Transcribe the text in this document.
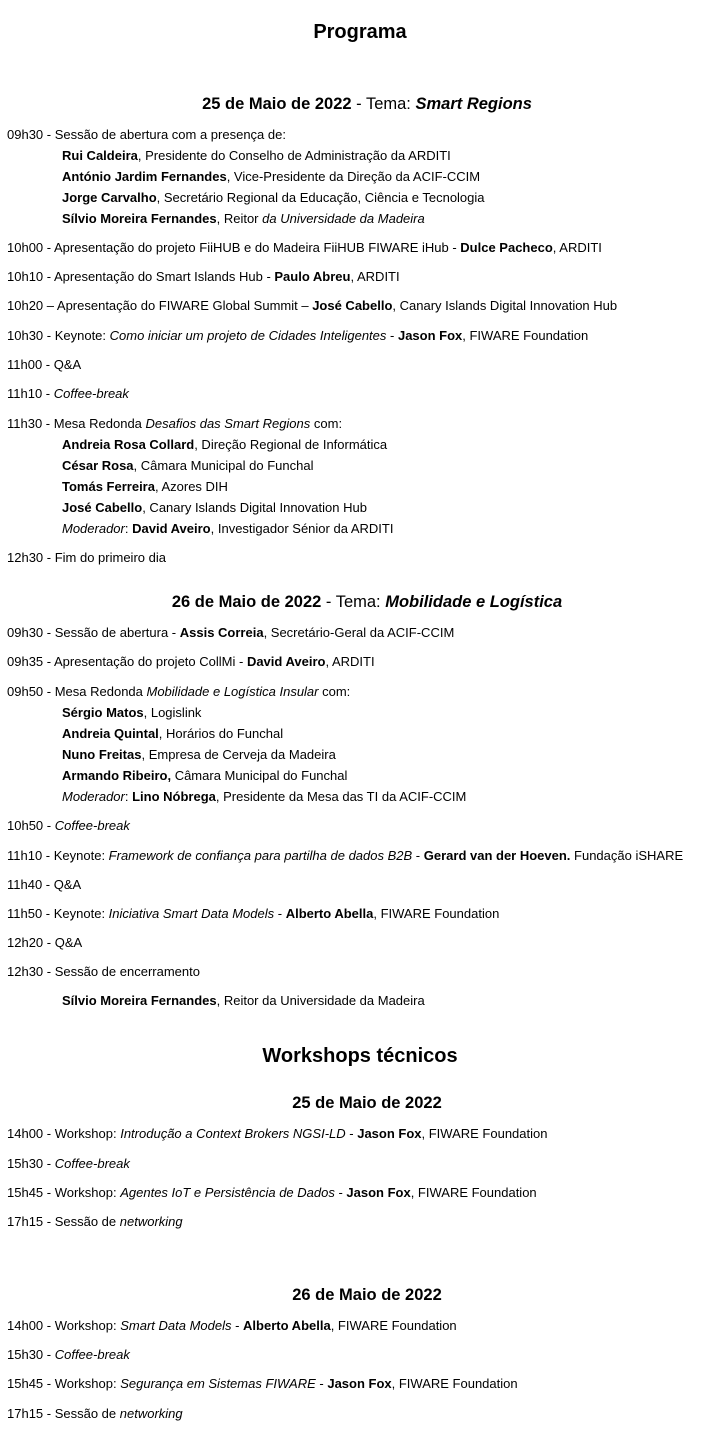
Programa
25 de Maio de 2022 - Tema: Smart Regions
09h30 - Sessão de abertura com a presença de:
Rui Caldeira, Presidente do Conselho de Administração da ARDITI
António Jardim Fernandes, Vice-Presidente da Direção da ACIF-CCIM
Jorge Carvalho, Secretário Regional da Educação, Ciência e Tecnologia
Sílvio Moreira Fernandes, Reitor da Universidade da Madeira
10h00 - Apresentação do projeto FiiHUB e do Madeira FiiHUB FIWARE iHub - Dulce Pacheco, ARDITI
10h10 - Apresentação do Smart Islands Hub - Paulo Abreu, ARDITI
10h20 – Apresentação do FIWARE Global Summit – José Cabello, Canary Islands Digital Innovation Hub
10h30 - Keynote: Como iniciar um projeto de Cidades Inteligentes - Jason Fox, FIWARE Foundation
11h00 - Q&A
11h10 - Coffee-break
11h30 - Mesa Redonda Desafios das Smart Regions com:
Andreia Rosa Collard, Direção Regional de Informática
César Rosa, Câmara Municipal do Funchal
Tomás Ferreira, Azores DIH
José Cabello, Canary Islands Digital Innovation Hub
Moderador: David Aveiro, Investigador Sénior da ARDITI
12h30 - Fim do primeiro dia
26 de Maio de 2022 - Tema: Mobilidade e Logística
09h30 - Sessão de abertura - Assis Correia, Secretário-Geral da ACIF-CCIM
09h35 - Apresentação do projeto CollMi - David Aveiro, ARDITI
09h50 - Mesa Redonda Mobilidade e Logística Insular com:
Sérgio Matos, Logislink
Andreia Quintal, Horários do Funchal
Nuno Freitas, Empresa de Cerveja da Madeira
Armando Ribeiro, Câmara Municipal do Funchal
Moderador: Lino Nóbrega, Presidente da Mesa das TI da ACIF-CCIM
10h50 - Coffee-break
11h10 - Keynote: Framework de confiança para partilha de dados B2B - Gerard van der Hoeven. Fundação iSHARE
11h40 - Q&A
11h50 - Keynote: Iniciativa Smart Data Models - Alberto Abella, FIWARE Foundation
12h20 - Q&A
12h30 - Sessão de encerramento
Sílvio Moreira Fernandes, Reitor da Universidade da Madeira
Workshops técnicos
25 de Maio de 2022
14h00 - Workshop: Introdução a Context Brokers NGSI-LD - Jason Fox, FIWARE Foundation
15h30 - Coffee-break
15h45 - Workshop: Agentes IoT e Persistência de Dados - Jason Fox, FIWARE Foundation
17h15 - Sessão de networking
26 de Maio de 2022
14h00 - Workshop: Smart Data Models - Alberto Abella, FIWARE Foundation
15h30 - Coffee-break
15h45 - Workshop: Segurança em Sistemas FIWARE - Jason Fox, FIWARE Foundation
17h15 - Sessão de networking
